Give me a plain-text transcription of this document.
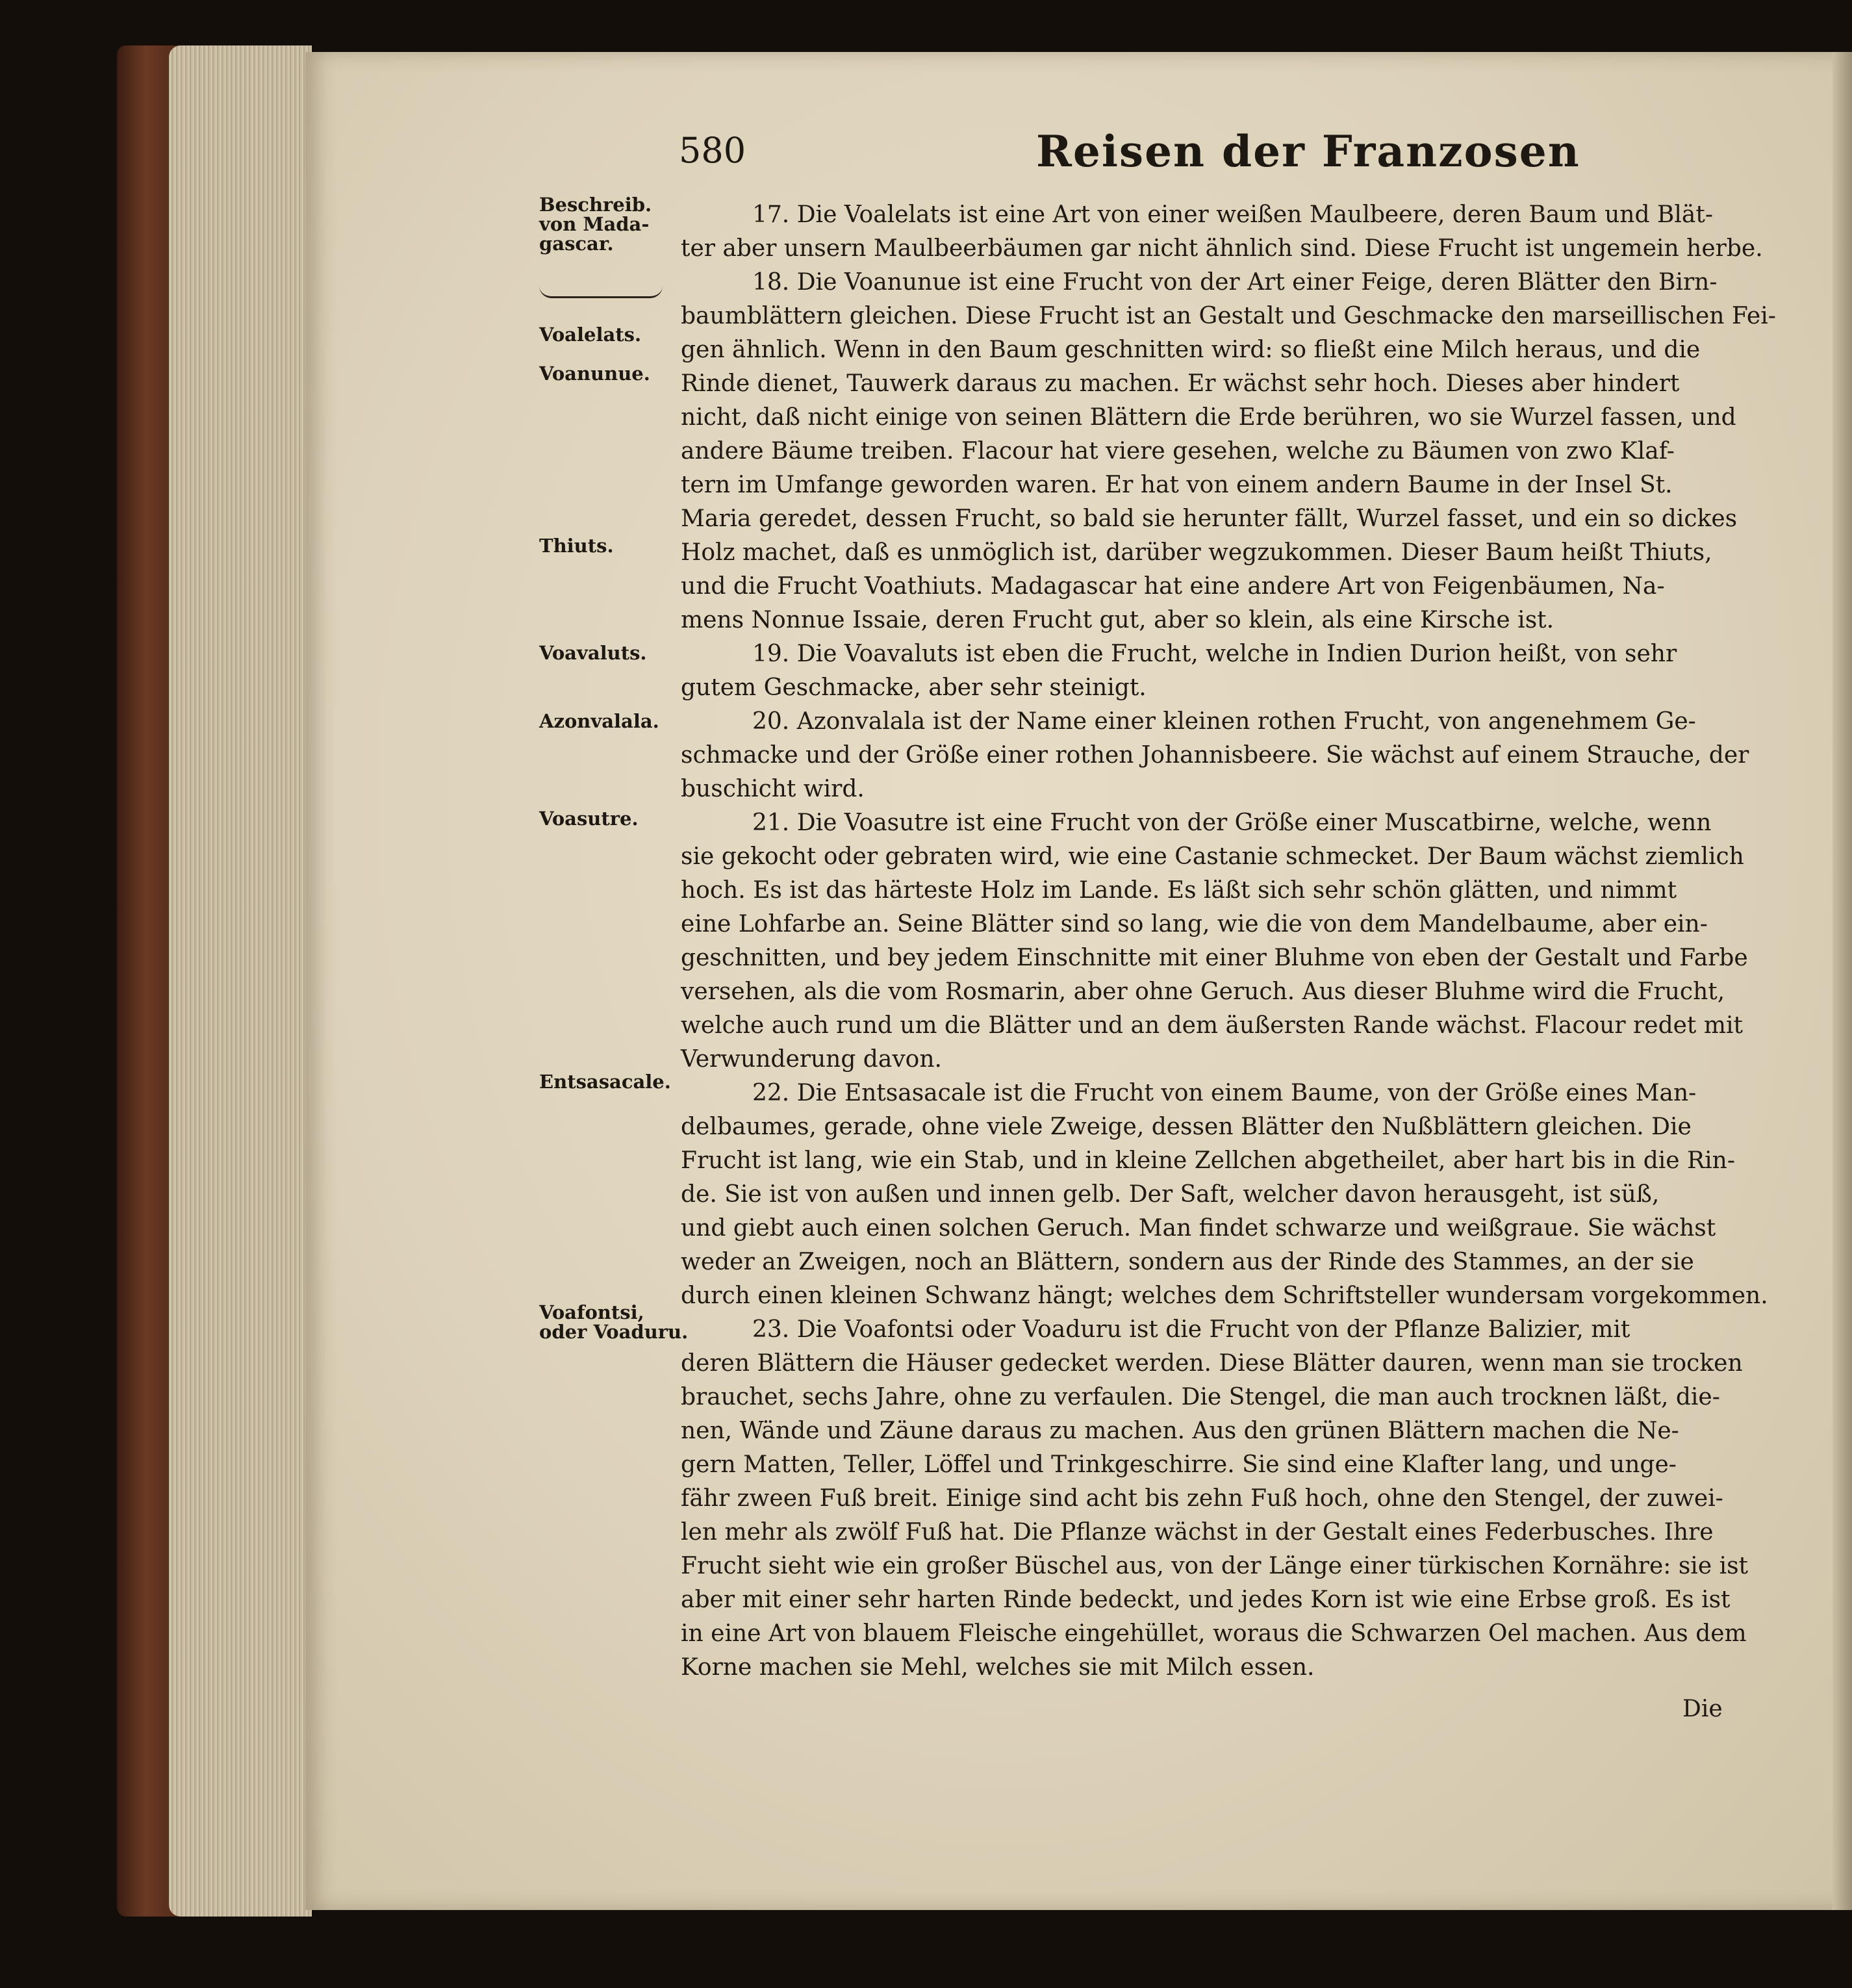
580	Reisen der Franzosen
Beschreib.
von Mada-
gascar.
Voalelats.
Voanunue.
Thiuts.
Voavaluts.
Azonvalala.
Voasutre.
Entsasacale.
Voafontsi,
oder Voaduru.
17. Die Voalelats ist eine Art von einer weißen Maulbeere, deren Baum und Blät-
ter aber unsern Maulbeerbäumen gar nicht ähnlich sind. Diese Frucht ist ungemein herbe.
18. Die Voanunue ist eine Frucht von der Art einer Feige, deren Blätter den Birn-
baumblättern gleichen. Diese Frucht ist an Gestalt und Geschmacke den marseillischen Fei-
gen ähnlich. Wenn in den Baum geschnitten wird: so fließt eine Milch heraus, und die
Rinde dienet, Tauwerk daraus zu machen. Er wächst sehr hoch. Dieses aber hindert
nicht, daß nicht einige von seinen Blättern die Erde berühren, wo sie Wurzel fassen, und
andere Bäume treiben. Flacour hat viere gesehen, welche zu Bäumen von zwo Klaf-
tern im Umfange geworden waren. Er hat von einem andern Baume in der Insel St.
Maria geredet, dessen Frucht, so bald sie herunter fällt, Wurzel fasset, und ein so dickes
Holz machet, daß es unmöglich ist, darüber wegzukommen. Dieser Baum heißt Thiuts,
und die Frucht Voathiuts. Madagascar hat eine andere Art von Feigenbäumen, Na-
mens Nonnue Issaie, deren Frucht gut, aber so klein, als eine Kirsche ist.
19. Die Voavaluts ist eben die Frucht, welche in Indien Durion heißt, von sehr
gutem Geschmacke, aber sehr steinigt.
20. Azonvalala ist der Name einer kleinen rothen Frucht, von angenehmem Ge-
schmacke und der Größe einer rothen Johannisbeere. Sie wächst auf einem Strauche, der
buschicht wird.
21. Die Voasutre ist eine Frucht von der Größe einer Muscatbirne, welche, wenn
sie gekocht oder gebraten wird, wie eine Castanie schmecket. Der Baum wächst ziemlich
hoch. Es ist das härteste Holz im Lande. Es läßt sich sehr schön glätten, und nimmt
eine Lohfarbe an. Seine Blätter sind so lang, wie die von dem Mandelbaume, aber ein-
geschnitten, und bey jedem Einschnitte mit einer Bluhme von eben der Gestalt und Farbe
versehen, als die vom Rosmarin, aber ohne Geruch. Aus dieser Bluhme wird die Frucht,
welche auch rund um die Blätter und an dem äußersten Rande wächst. Flacour redet mit
Verwunderung davon.
22. Die Entsasacale ist die Frucht von einem Baume, von der Größe eines Man-
delbaumes, gerade, ohne viele Zweige, dessen Blätter den Nußblättern gleichen. Die
Frucht ist lang, wie ein Stab, und in kleine Zellchen abgetheilet, aber hart bis in die Rin-
de. Sie ist von außen und innen gelb. Der Saft, welcher davon herausgeht, ist süß,
und giebt auch einen solchen Geruch. Man findet schwarze und weißgraue. Sie wächst
weder an Zweigen, noch an Blättern, sondern aus der Rinde des Stammes, an der sie
durch einen kleinen Schwanz hängt; welches dem Schriftsteller wundersam vorgekommen.
23. Die Voafontsi oder Voaduru ist die Frucht von der Pflanze Balizier, mit
deren Blättern die Häuser gedecket werden. Diese Blätter dauren, wenn man sie trocken
brauchet, sechs Jahre, ohne zu verfaulen. Die Stengel, die man auch trocknen läßt, die-
nen, Wände und Zäune daraus zu machen. Aus den grünen Blättern machen die Ne-
gern Matten, Teller, Löffel und Trinkgeschirre. Sie sind eine Klafter lang, und unge-
fähr zween Fuß breit. Einige sind acht bis zehn Fuß hoch, ohne den Stengel, der zuwei-
len mehr als zwölf Fuß hat. Die Pflanze wächst in der Gestalt eines Federbusches. Ihre
Frucht sieht wie ein großer Büschel aus, von der Länge einer türkischen Kornähre: sie ist
aber mit einer sehr harten Rinde bedeckt, und jedes Korn ist wie eine Erbse groß. Es ist
in eine Art von blauem Fleische eingehüllet, woraus die Schwarzen Oel machen. Aus dem
Korne machen sie Mehl, welches sie mit Milch essen.
Die
